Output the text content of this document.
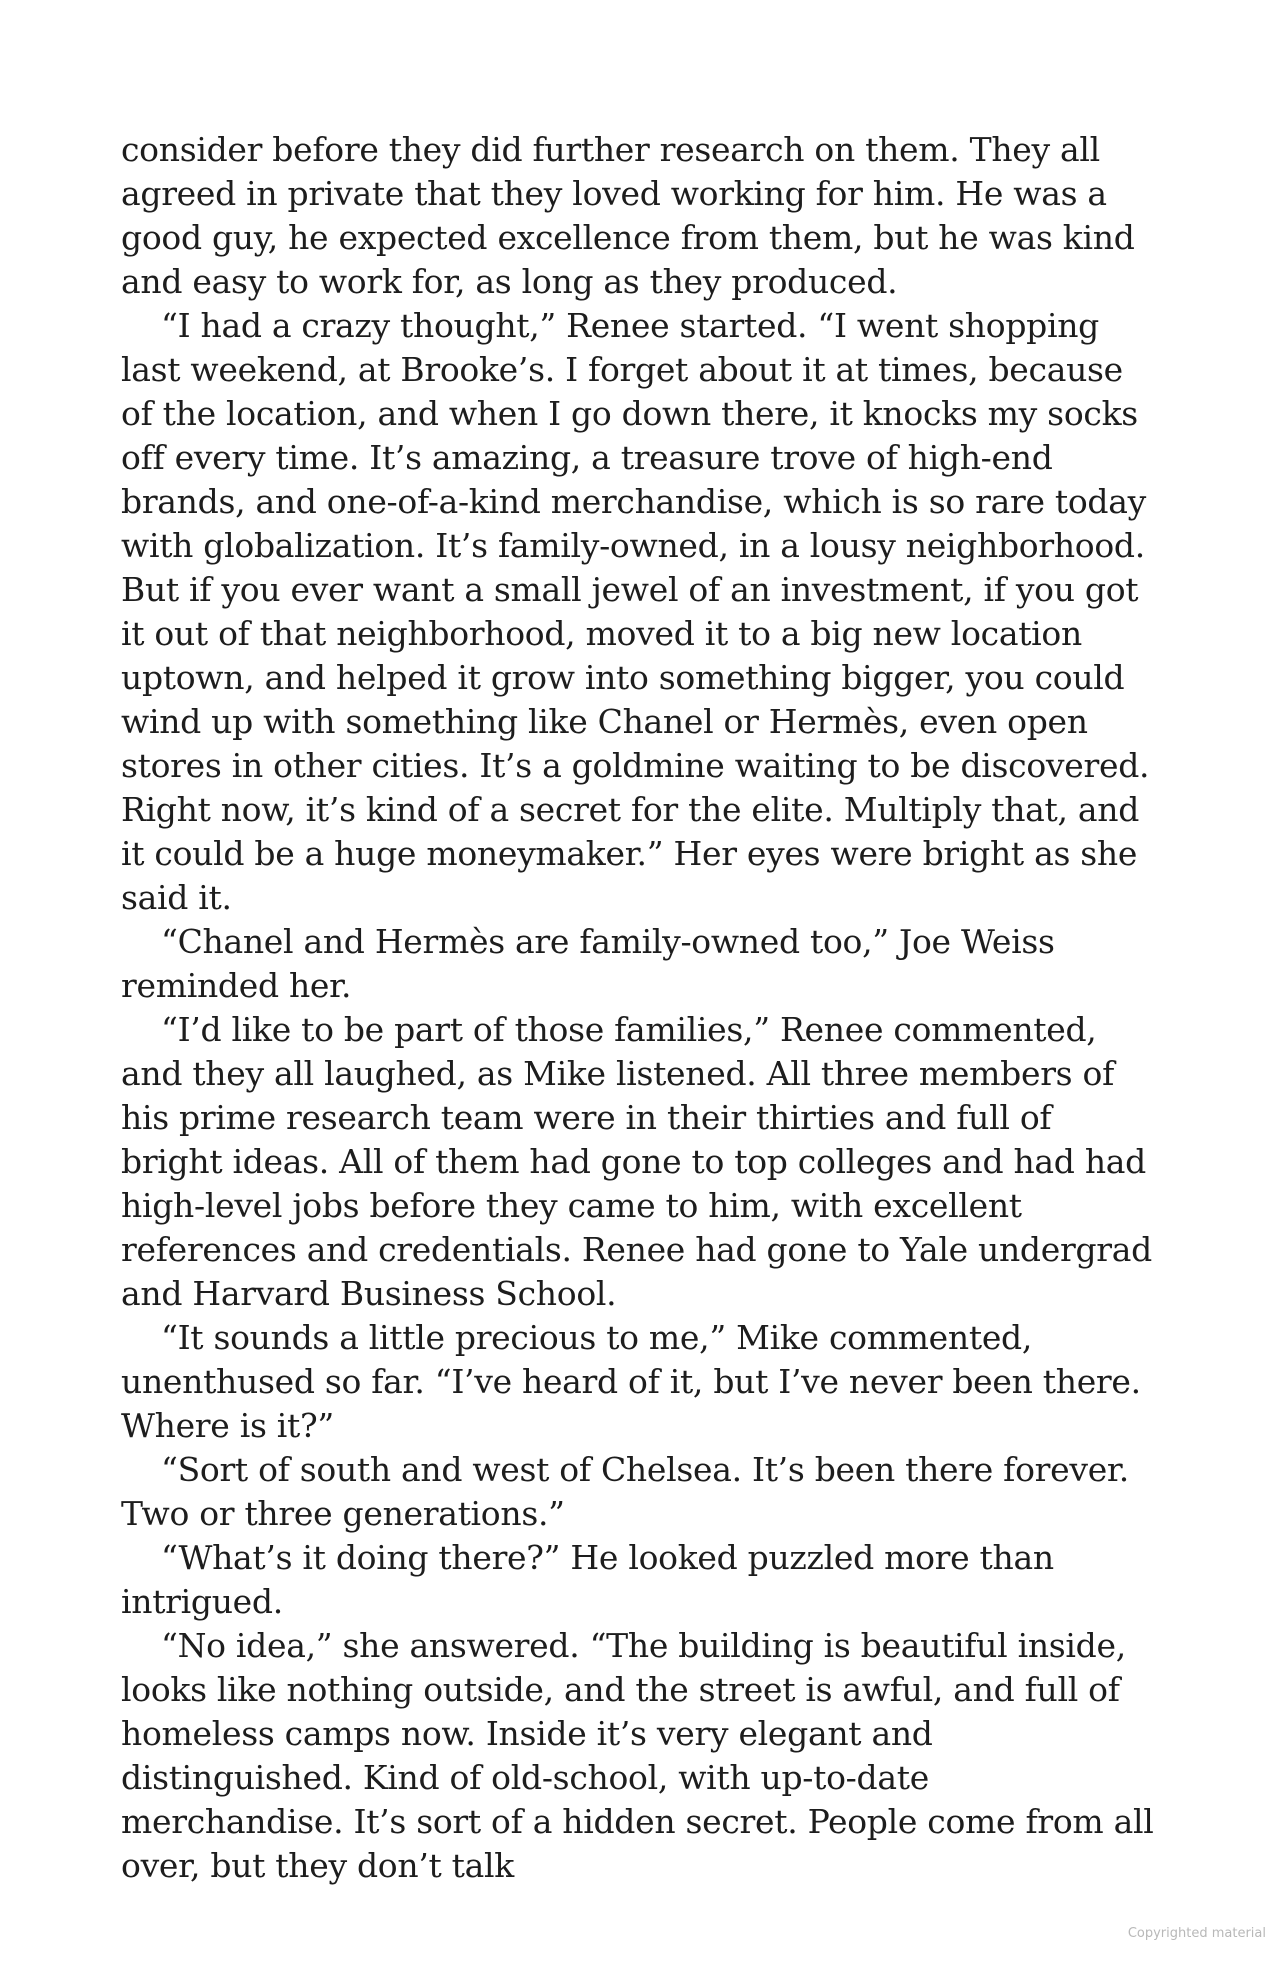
consider before they did further research on them. They all agreed in private that they loved working for him. He was a good guy, he expected excellence from them, but he was kind and easy to work for, as long as they produced.

“I had a crazy thought,” Renee started. “I went shopping last weekend, at Brooke’s. I forget about it at times, because of the location, and when I go down there, it knocks my socks off every time. It’s amazing, a treasure trove of high-end brands, and one-of-a-kind merchandise, which is so rare today with globalization. It’s family-owned, in a lousy neighborhood. But if you ever want a small jewel of an investment, if you got it out of that neighborhood, moved it to a big new location uptown, and helped it grow into something bigger, you could wind up with something like Chanel or Hermès, even open stores in other cities. It’s a goldmine waiting to be discovered. Right now, it’s kind of a secret for the elite. Multiply that, and it could be a huge moneymaker.” Her eyes were bright as she said it.

“Chanel and Hermès are family-owned too,” Joe Weiss reminded her.

“I’d like to be part of those families,” Renee commented, and they all laughed, as Mike listened. All three members of his prime research team were in their thirties and full of bright ideas. All of them had gone to top colleges and had had high-level jobs before they came to him, with excellent references and credentials. Renee had gone to Yale undergrad and Harvard Business School.

“It sounds a little precious to me,” Mike commented, unenthused so far. “I’ve heard of it, but I’ve never been there. Where is it?”

“Sort of south and west of Chelsea. It’s been there forever. Two or three generations.”

“What’s it doing there?” He looked puzzled more than intrigued.

“No idea,” she answered. “The building is beautiful inside, looks like nothing outside, and the street is awful, and full of homeless camps now. Inside it’s very elegant and distinguished. Kind of old-school, with up-to-date merchandise. It’s sort of a hidden secret. People come from all over, but they don’t talk

Copyrighted material
